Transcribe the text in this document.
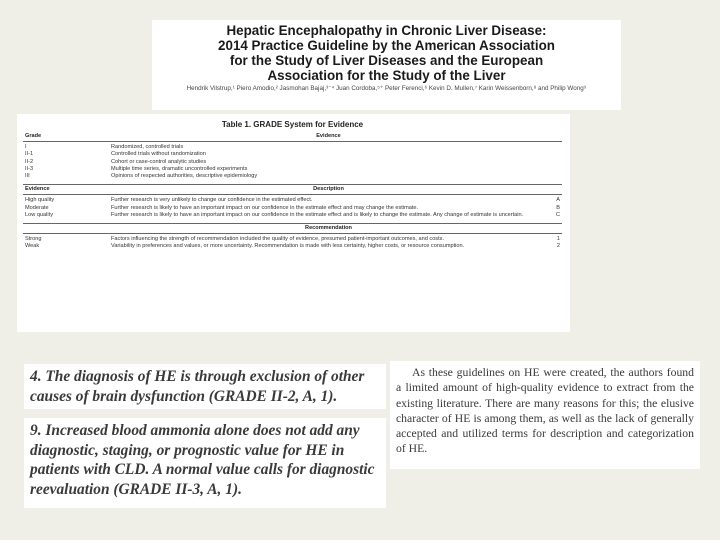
Hepatic Encephalopathy in Chronic Liver Disease:
2014 Practice Guideline by the American Association
for the Study of Liver Diseases and the European
Association for the Study of the Liver

Hendrik Vilstrup,¹ Piero Amodio,² Jasmohan Bajaj,³⁻⁴ Juan Cordoba,⁵⁺ Peter Ferenci,⁶ Kevin D. Mullen,⁷ Karin Weissenborn,⁸ and Philip Wong⁹

Table 1. GRADE System for Evidence

Grade	Evidence	
I	Randomized, controlled trials	
II-1	Controlled trials without randomization	
II-2	Cohort or case-control analytic studies	
II-3	Multiple time series, dramatic uncontrolled experiments	
III	Opinions of respected authorities, descriptive epidemiology	
Evidence	Description	
High quality	Further research is very unlikely to change our confidence in the estimated effect.	A
Moderate	Further research is likely to have an important impact on our confidence in the estimate effect and may change the estimate.	B
Low quality	Further research is likely to have an important impact on our confidence in the estimate effect and is likely to change the estimate. Any change of estimate is uncertain.	C
	Recommendation	
Strong	Factors influencing the strength of recommendation included the quality of evidence, presumed patient-important outcomes, and costs.	1
Weak	Variability in preferences and values, or more uncertainty. Recommendation is made with less certainty, higher costs, or resource consumption.	2

4. The diagnosis of HE is through exclusion of other causes of brain dysfunction (GRADE II-2, A, 1).

9. Increased blood ammonia alone does not add any diagnostic, staging, or prognostic value for HE in patients with CLD. A normal value calls for diagnostic reevaluation (GRADE II-3, A, 1).

As these guidelines on HE were created, the authors found a limited amount of high-quality evidence to extract from the existing literature. There are many reasons for this; the elusive character of HE is among them, as well as the lack of generally accepted and utilized terms for description and categorization of HE.
